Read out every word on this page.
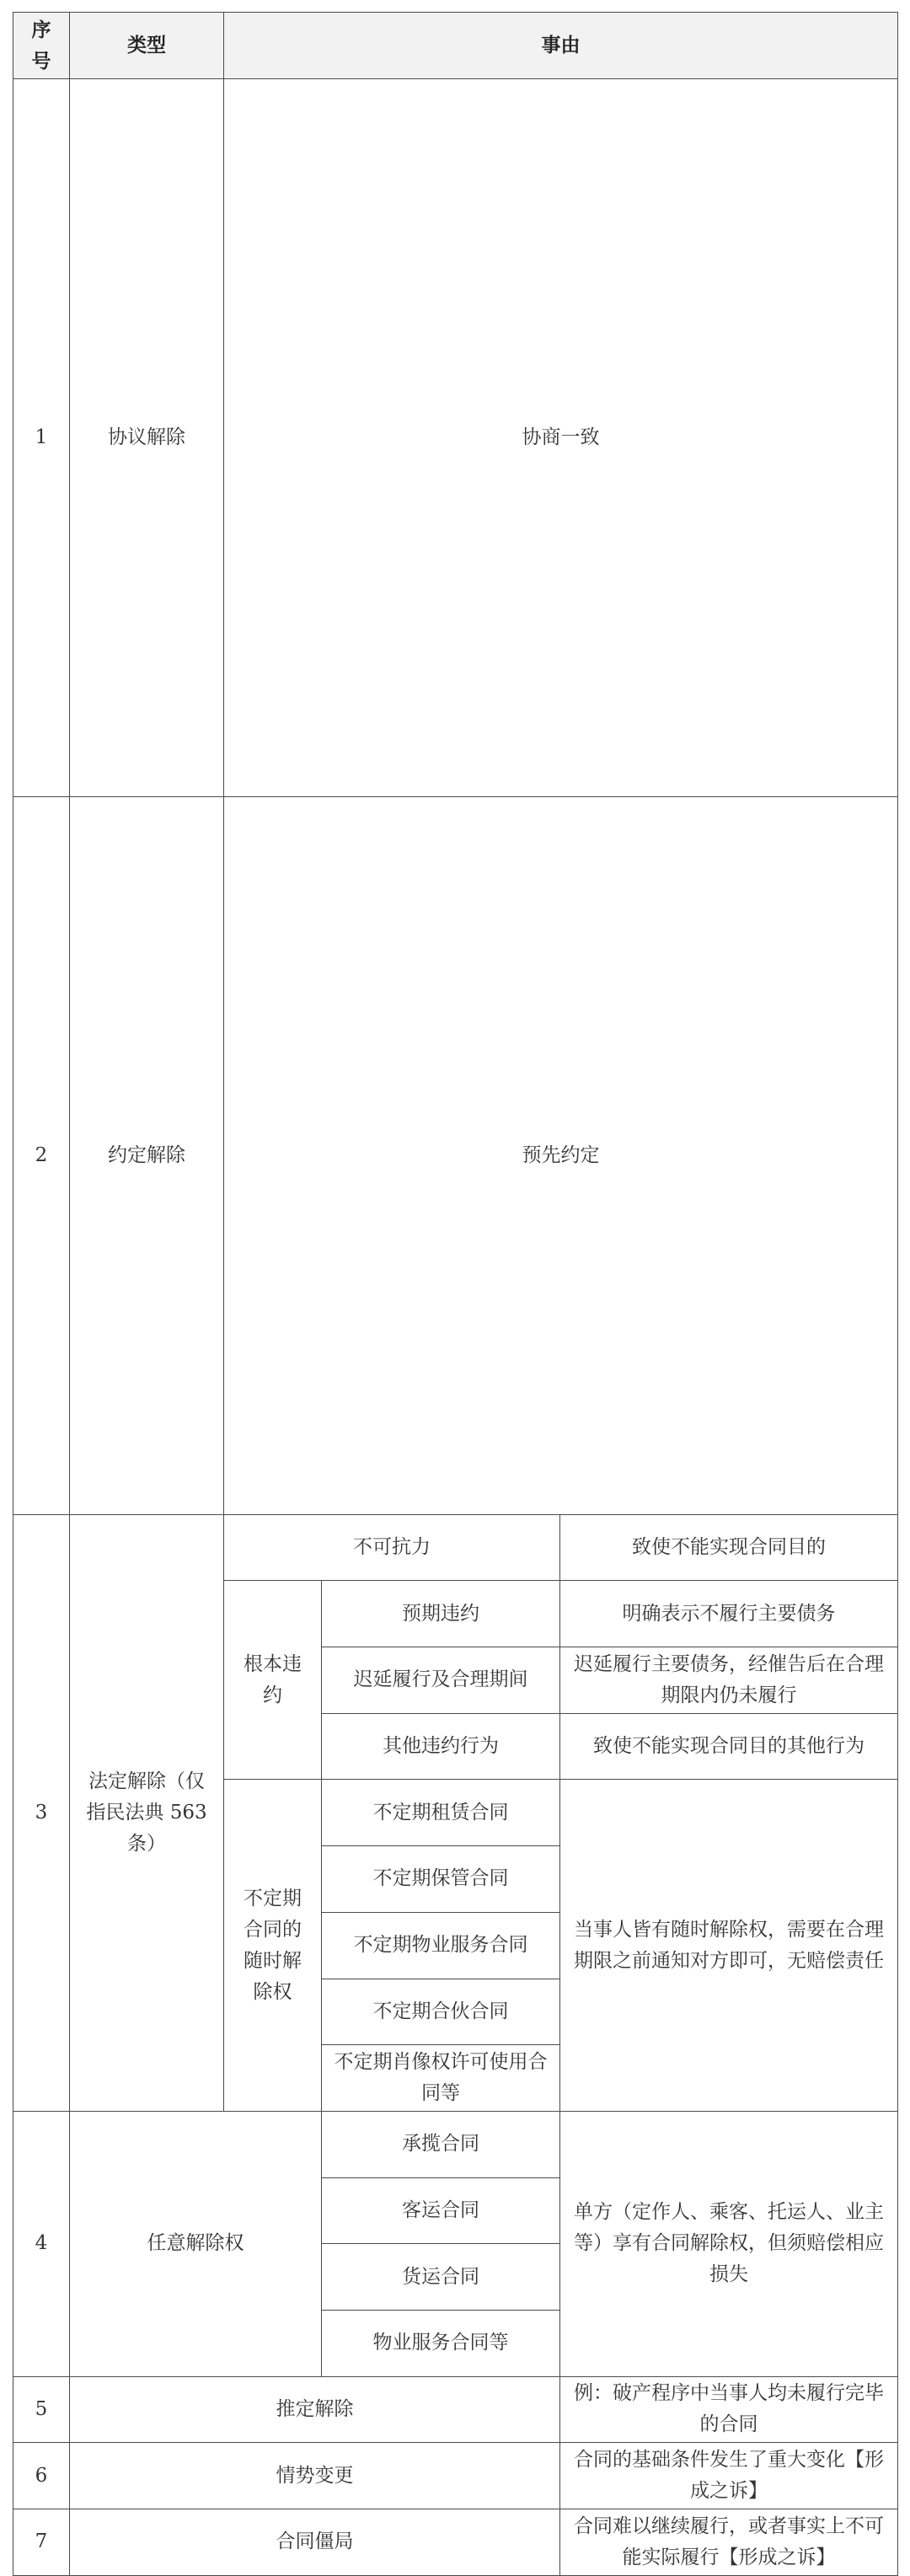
序号	类型	事由	
1	协议解除	协商一致	
2	约定解除	预先约定	
3	法定解除（仅指民法典 563 条）	不可抗力		致使不能实现合同目的	
		根本违约	预期违约	明确表示不履行主要债务	
			迟延履行及合理期间	迟延履行主要债务，经催告后在合理期限内仍未履行	
			其他违约行为	致使不能实现合同目的其他行为	
		不定期合同的随时解除权	不定期租赁合同	当事人皆有随时解除权，需要在合理期限之前通知对方即可，无赔偿责任	
			不定期保管合同		
			不定期物业服务合同		
			不定期合伙合同		
			不定期肖像权许可使用合同等		
4	任意解除权		承揽合同	单方（定作人、乘客、托运人、业主等）享有合同解除权，但须赔偿相应损失	
			客运合同		
			货运合同		
			物业服务合同等		
5	推定解除			例：破产程序中当事人均未履行完毕的合同	
6	情势变更			合同的基础条件发生了重大变化【形成之诉】	
7	合同僵局			合同难以继续履行，或者事实上不可能实际履行【形成之诉】	
